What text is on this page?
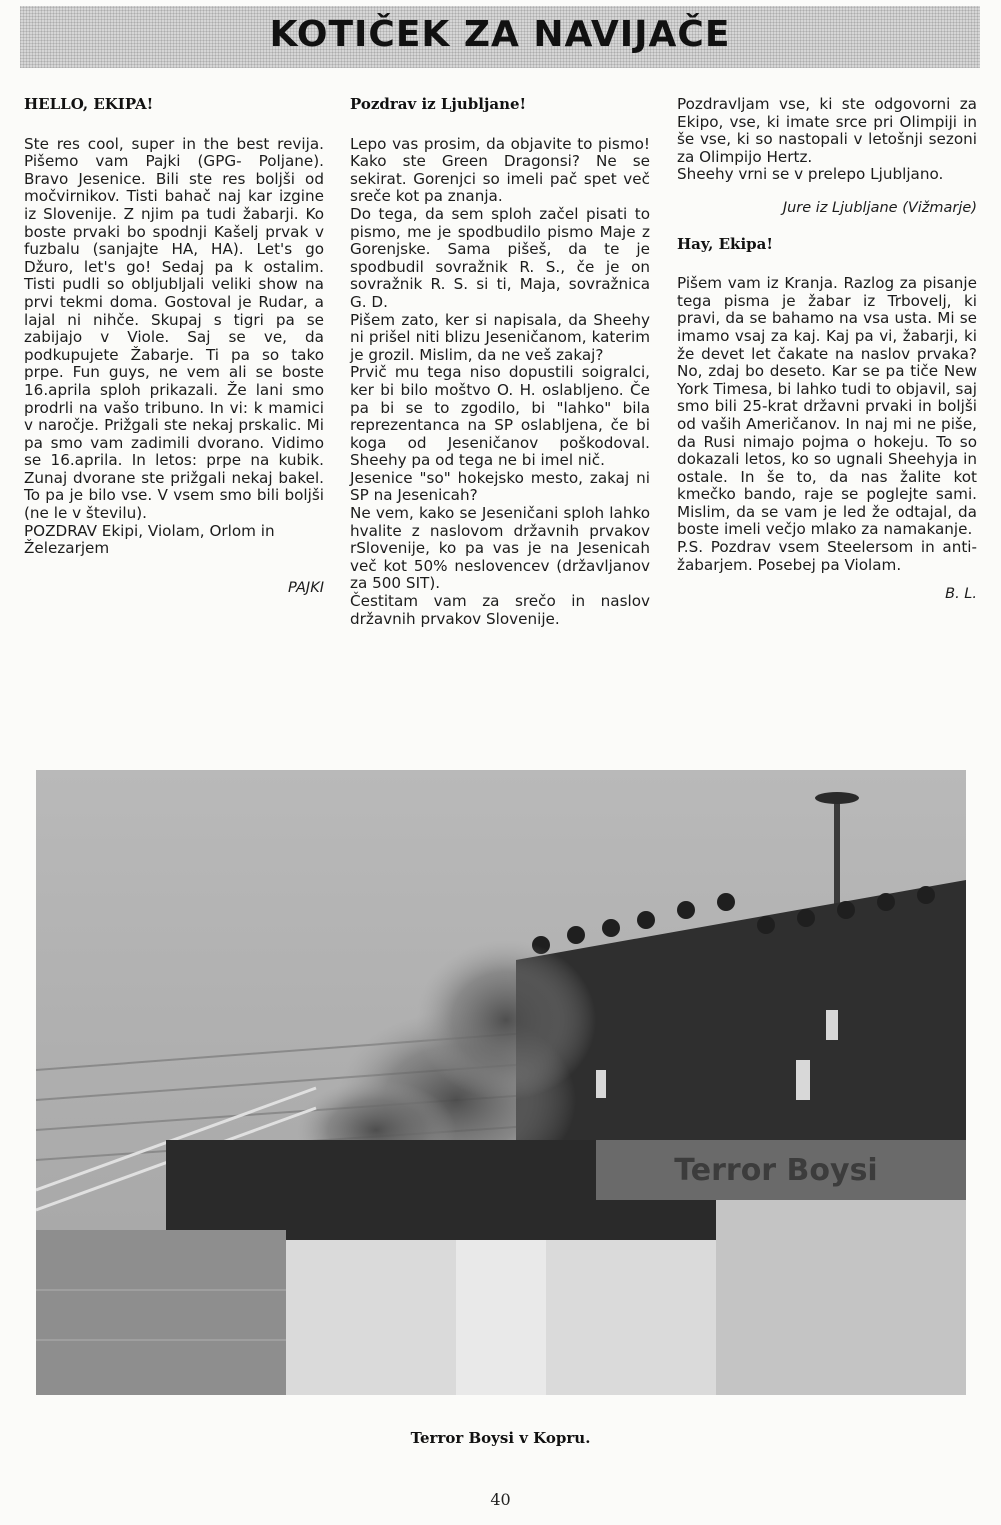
KOTIČEK ZA NAVIJAČE
HELLO, EKIPA!

Ste res cool, super in the best revija. Pišemo vam Pajki (GPG- Poljane). Bravo Jesenice. Bili ste res boljši od močvirnikov. Tisti bahač naj kar izgine iz Slovenije. Z njim pa tudi žabarji. Ko boste prvaki bo spodnji Kašelj prvak v fuzbalu (sanjajte HA, HA). Let's go Džuro, let's go! Sedaj pa k ostalim. Tisti pudli so obljubljali veliki show na prvi tekmi doma. Gostoval je Rudar, a lajal ni nihče. Skupaj s tigri pa se zabijajo v Viole. Saj se ve, da podkupujete Žabarje. Ti pa so tako prpe. Fun guys, ne vem ali se boste 16.aprila sploh prikazali. Že lani smo prodrli na vašo tribuno. In vi: k mamici v naročje. Prižgali ste nekaj prskalic. Mi pa smo vam zadimili dvorano. Vidimo se 16.aprila. In letos: prpe na kubik. Zunaj dvorane ste prižgali nekaj bakel. To pa je bilo vse. V vsem smo bili boljši (ne le v številu).

POZDRAV Ekipi, Violam, Orlom in Železarjem

PAJKI
Pozdrav iz Ljubljane!

Lepo vas prosim, da objavite to pismo! Kako ste Green Dragonsi? Ne se sekirat. Gorenjci so imeli pač spet več sreče kot pa znanja.

Do tega, da sem sploh začel pisati to pismo, me je spodbudilo pismo Maje z Gorenjske. Sama pišeš, da te je spodbudil sovražnik R. S., če je on sovražnik R. S. si ti, Maja, sovražnica G. D.

Pišem zato, ker si napisala, da Sheehy ni prišel niti blizu Jeseničanom, katerim je grozil. Mislim, da ne veš zakaj?

Prvič mu tega niso dopustili soigralci, ker bi bilo moštvo O. H. oslabljeno. Če pa bi se to zgodilo, bi "lahko" bila reprezentanca na SP oslabljena, če bi koga od Jeseničanov poškodoval. Sheehy pa od tega ne bi imel nič.

Jesenice "so" hokejsko mesto, zakaj ni SP na Jesenicah?

Ne vem, kako se Jeseničani sploh lahko hvalite z naslovom državnih prvakov rSlovenije, ko pa vas je na Jesenicah več kot 50% neslovencev (državljanov za 500 SIT).

Čestitam vam za srečo in naslov državnih prvakov Slovenije.

Pozdravljam vse, ki ste odgovorni za Ekipo, vse, ki imate srce pri Olimpiji in še vse, ki so nastopali v letošnji sezoni za Olimpijo Hertz.

Sheehy vrni se v prelepo Ljubljano.

Jure iz Ljubljane (Vižmarje)
Hay, Ekipa!

Pišem vam iz Kranja. Razlog za pisanje tega pisma je žabar iz Trbovelj, ki pravi, da se bahamo na vsa usta. Mi se imamo vsaj za kaj. Kaj pa vi, žabarji, ki že devet let čakate na naslov prvaka? No, zdaj bo deseto. Kar se pa tiče New York Timesa, bi lahko tudi to objavil, saj smo bili 25-krat državni prvaki in boljši od vaših Američanov. In naj mi ne piše, da Rusi nimajo pojma o hokeju. To so dokazali letos, ko so ugnali Sheehyja in ostale. In še to, da nas žalite kot kmečko bando, raje se poglejte sami. Mislim, da se vam je led že odtajal, da boste imeli večjo mlako za namakanje.

P.S. Pozdrav vsem Steelersom in anti-žabarjem. Posebej pa Violam.

B. L.
Terror Boysi
Terror Boysi v Kopru.
40
